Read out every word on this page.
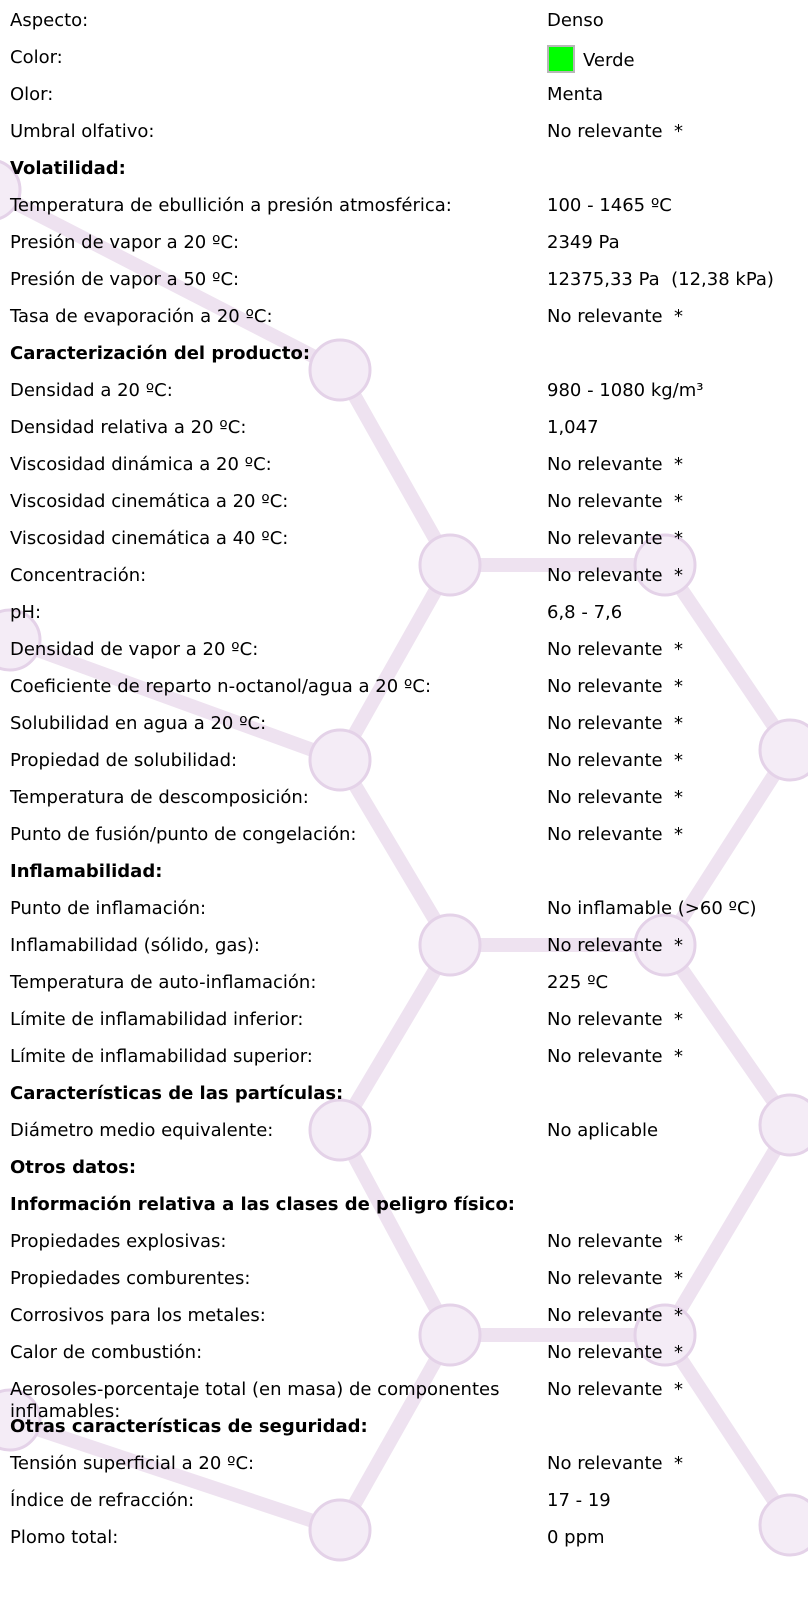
Aspecto:	Denso
Color:	Verde
Olor:	Menta
Umbral olfativo:	No relevante  *
Volatilidad:
Temperatura de ebullición a presión atmosférica:	100 - 1465 ºC
Presión de vapor a 20 ºC:	2349 Pa
Presión de vapor a 50 ºC:	12375,33 Pa  (12,38 kPa)
Tasa de evaporación a 20 ºC:	No relevante  *
Caracterización del producto:
Densidad a 20 ºC:	980 - 1080 kg/m³
Densidad relativa a 20 ºC:	1,047
Viscosidad dinámica a 20 ºC:	No relevante  *
Viscosidad cinemática a 20 ºC:	No relevante  *
Viscosidad cinemática a 40 ºC:	No relevante  *
Concentración:	No relevante  *
pH:	6,8 - 7,6
Densidad de vapor a 20 ºC:	No relevante  *
Coeficiente de reparto n-octanol/agua a 20 ºC:	No relevante  *
Solubilidad en agua a 20 ºC:	No relevante  *
Propiedad de solubilidad:	No relevante  *
Temperatura de descomposición:	No relevante  *
Punto de fusión/punto de congelación:	No relevante  *
Inflamabilidad:
Punto de inflamación:	No inflamable (>60 ºC)
Inflamabilidad (sólido, gas):	No relevante  *
Temperatura de auto-inflamación:	225 ºC
Límite de inflamabilidad inferior:	No relevante  *
Límite de inflamabilidad superior:	No relevante  *
Características de las partículas:
Diámetro medio equivalente:	No aplicable
Otros datos:
Información relativa a las clases de peligro físico:
Propiedades explosivas:	No relevante  *
Propiedades comburentes:	No relevante  *
Corrosivos para los metales:	No relevante  *
Calor de combustión:	No relevante  *
Aerosoles-porcentaje total (en masa) de componentes inflamables:
No relevante  *
Otras características de seguridad:
Tensión superficial a 20 ºC:	No relevante  *
Índice de refracción:	17 - 19
Plomo total:	0 ppm
